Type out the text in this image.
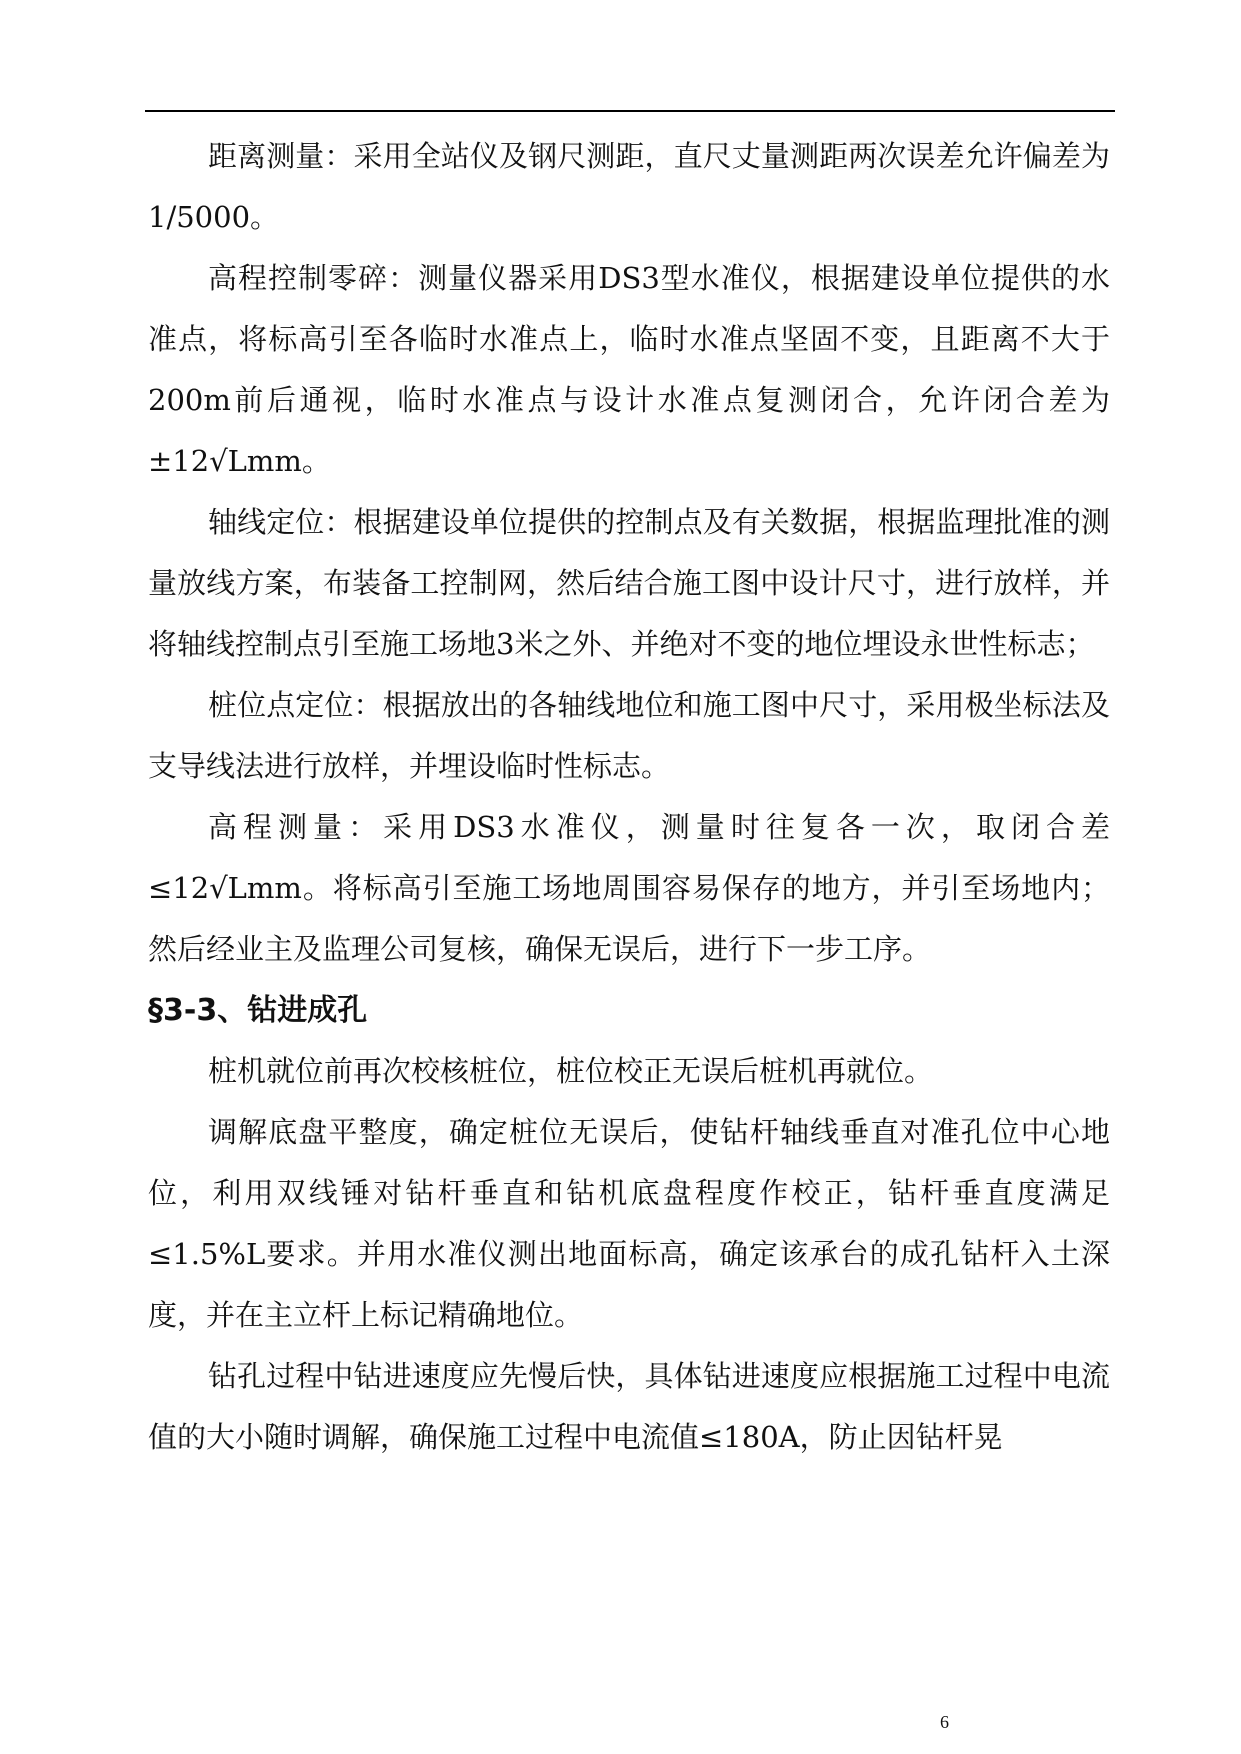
距离测量：采用全站仪及钢尺测距，直尺丈量测距两次误差允许偏差为1/5000。

高程控制零碎：测量仪器采用DS3型水准仪，根据建设单位提供的水准点，将标高引至各临时水准点上，临时水准点坚固不变，且距离不大于200m前后通视，临时水准点与设计水准点复测闭合，允许闭合差为±12√Lmm。

轴线定位：根据建设单位提供的控制点及有关数据，根据监理批准的测量放线方案，布装备工控制网，然后结合施工图中设计尺寸，进行放样，并将轴线控制点引至施工场地3米之外、并绝对不变的地位埋设永世性标志；

桩位点定位：根据放出的各轴线地位和施工图中尺寸，采用极坐标法及支导线法进行放样，并埋设临时性标志。

高程测量：采用DS3水准仪，测量时往复各一次，取闭合差≤12√Lmm。将标高引至施工场地周围容易保存的地方，并引至场地内；然后经业主及监理公司复核，确保无误后，进行下一步工序。

§3-3、钻进成孔

桩机就位前再次校核桩位，桩位校正无误后桩机再就位。

调解底盘平整度，确定桩位无误后，使钻杆轴线垂直对准孔位中心地位，利用双线锤对钻杆垂直和钻机底盘程度作校正，钻杆垂直度满足≤1.5%L要求。并用水准仪测出地面标高，确定该承台的成孔钻杆入土深度，并在主立杆上标记精确地位。

钻孔过程中钻进速度应先慢后快，具体钻进速度应根据施工过程中电流值的大小随时调解，确保施工过程中电流值≤180A，防止因钻杆晃

6
